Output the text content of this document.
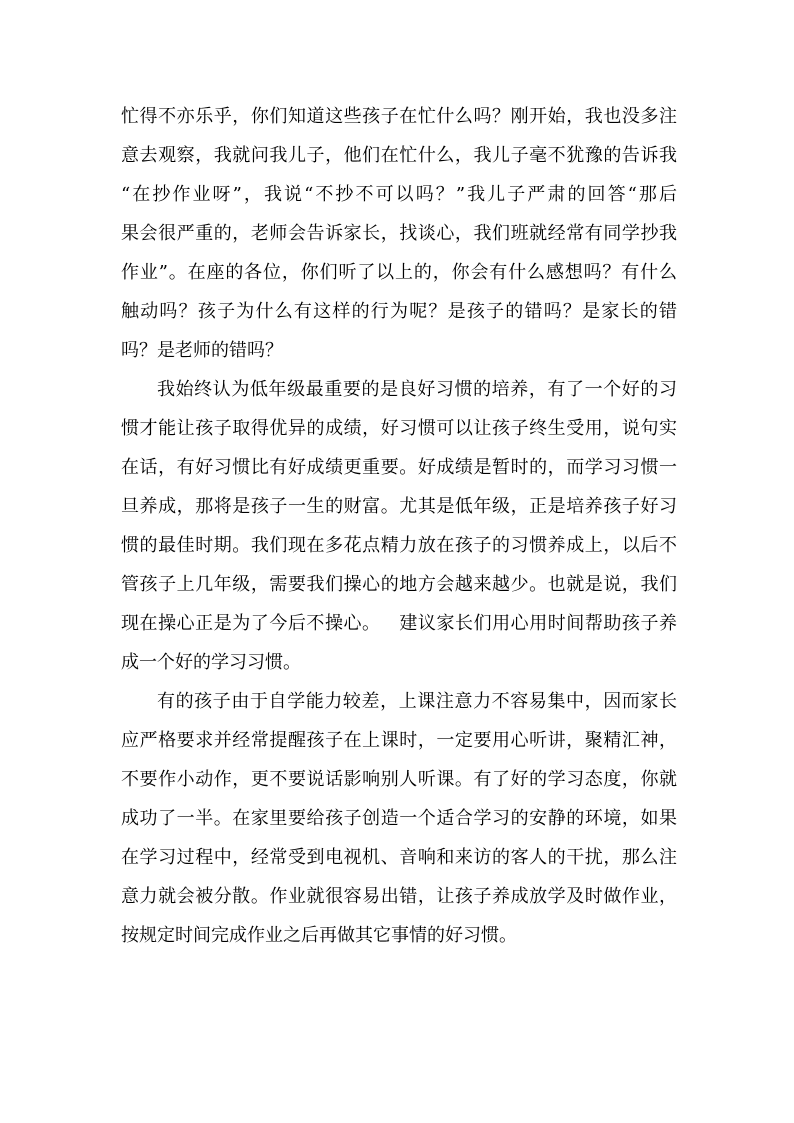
忙得不亦乐乎，你们知道这些孩子在忙什么吗？刚开始，我也没多注
意去观察，我就问我儿子，他们在忙什么，我儿子毫不犹豫的告诉我
“在抄作业呀”，我说“不抄不可以吗？”我儿子严肃的回答“那后
果会很严重的，老师会告诉家长，找谈心，我们班就经常有同学抄我
作业”。在座的各位，你们听了以上的，你会有什么感想吗？有什么
触动吗？孩子为什么有这样的行为呢？是孩子的错吗？是家长的错
吗？是老师的错吗？
我始终认为低年级最重要的是良好习惯的培养，有了一个好的习
惯才能让孩子取得优异的成绩，好习惯可以让孩子终生受用，说句实
在话，有好习惯比有好成绩更重要。好成绩是暂时的，而学习习惯一
旦养成，那将是孩子一生的财富。尤其是低年级，正是培养孩子好习
惯的最佳时期。我们现在多花点精力放在孩子的习惯养成上，以后不
管孩子上几年级，需要我们操心的地方会越来越少。也就是说，我们
现在操心正是为了今后不操心。   建议家长们用心用时间帮助孩子养
成一个好的学习习惯。
有的孩子由于自学能力较差，上课注意力不容易集中，因而家长
应严格要求并经常提醒孩子在上课时，一定要用心听讲，聚精汇神，
不要作小动作，更不要说话影响别人听课。有了好的学习态度，你就
成功了一半。在家里要给孩子创造一个适合学习的安静的环境，如果
在学习过程中，经常受到电视机、音响和来访的客人的干扰，那么注
意力就会被分散。作业就很容易出错，让孩子养成放学及时做作业，
按规定时间完成作业之后再做其它事情的好习惯。
